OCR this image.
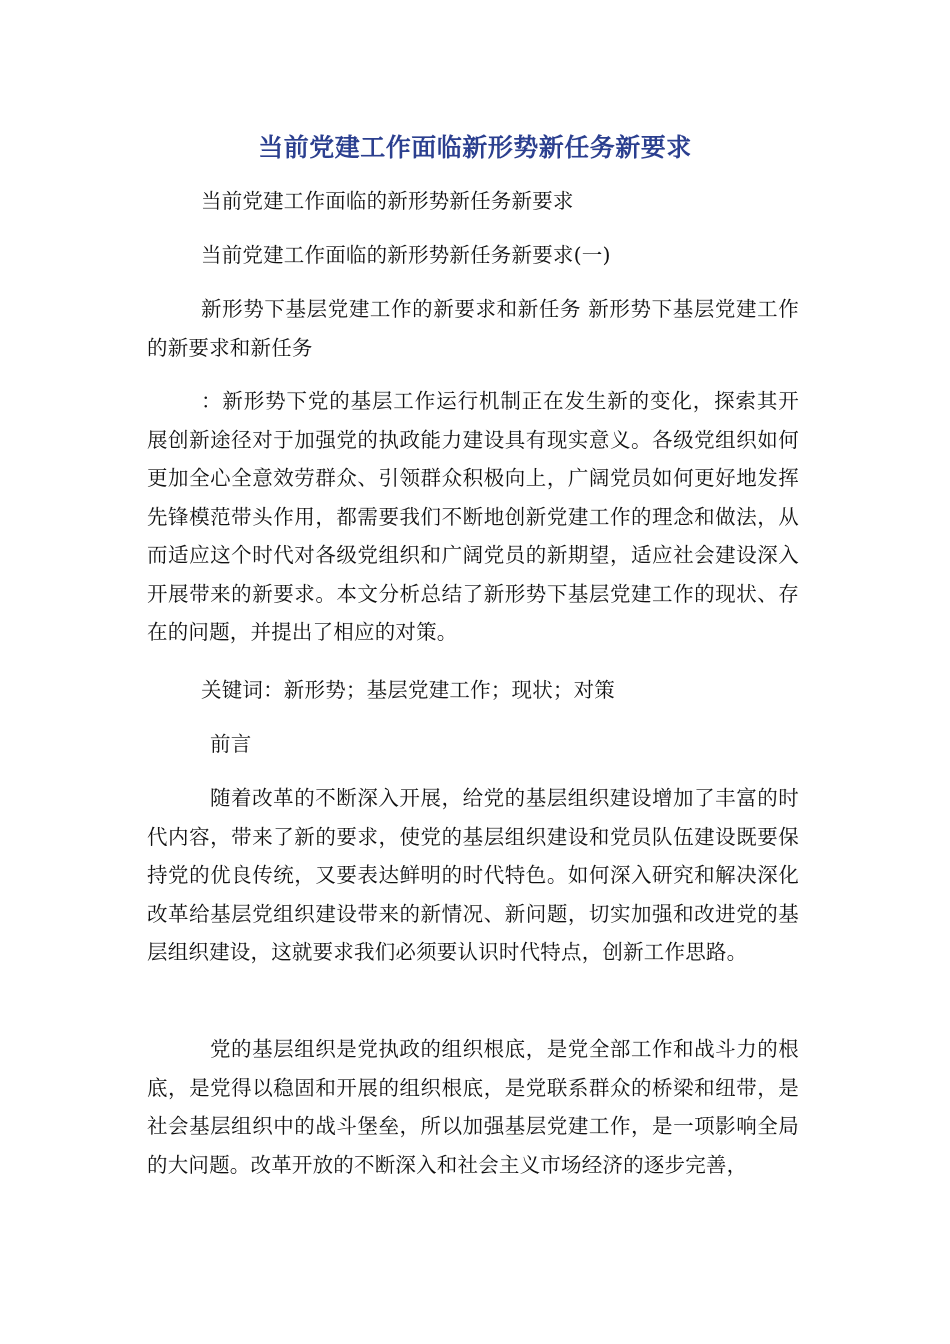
当前党建工作面临新形势新任务新要求

当前党建工作面临的新形势新任务新要求

当前党建工作面临的新形势新任务新要求(一)

新形势下基层党建工作的新要求和新任务 新形势下基层党建工作的新要求和新任务

：新形势下党的基层工作运行机制正在发生新的变化，探索其开展创新途径对于加强党的执政能力建设具有现实意义。各级党组织如何更加全心全意效劳群众、引领群众积极向上，广阔党员如何更好地发挥先锋模范带头作用，都需要我们不断地创新党建工作的理念和做法，从而适应这个时代对各级党组织和广阔党员的新期望，适应社会建设深入开展带来的新要求。本文分析总结了新形势下基层党建工作的现状、存在的问题，并提出了相应的对策。

关键词：新形势；基层党建工作；现状；对策

前言

随着改革的不断深入开展，给党的基层组织建设增加了丰富的时代内容，带来了新的要求，使党的基层组织建设和党员队伍建设既要保持党的优良传统，又要表达鲜明的时代特色。如何深入研究和解决深化改革给基层党组织建设带来的新情况、新问题，切实加强和改进党的基层组织建设，这就要求我们必须要认识时代特点，创新工作思路。

党的基层组织是党执政的组织根底，是党全部工作和战斗力的根底，是党得以稳固和开展的组织根底，是党联系群众的桥梁和纽带，是社会基层组织中的战斗堡垒，所以加强基层党建工作，是一项影响全局的大问题。改革开放的不断深入和社会主义市场经济的逐步完善，
